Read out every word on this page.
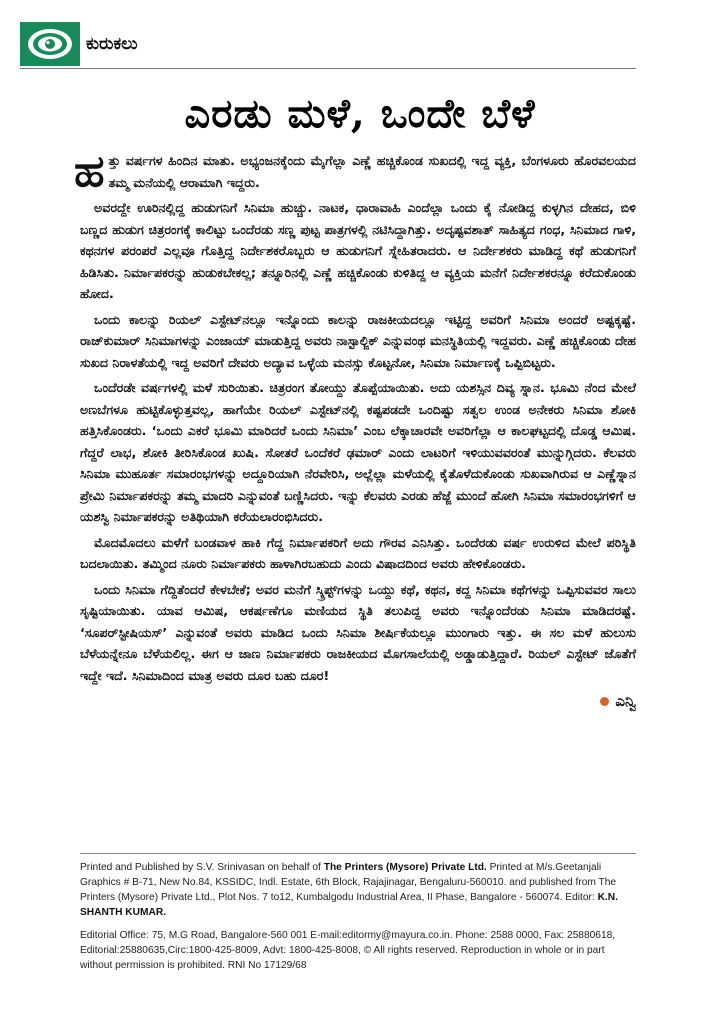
ಕುರುಕಲು
ಎರಡು ಮಳೆ, ಒಂದೇ ಬೆಳೆ

ಹತ್ತು ವರ್ಷಗಳ ಹಿಂದಿನ ಮಾತು. ಅಭ್ಯಂಜನಕ್ಕೆಂದು ಮೈಗೆಲ್ಲಾ ಎಣ್ಣೆ ಹಚ್ಚಿಕೊಂಡ ಸುಖದಲ್ಲಿ ಇದ್ದ ವ್ಯಕ್ತಿ, ಬೆಂಗಳೂರು ಹೊರವಲಯದ ತಮ್ಮ ಮನೆಯಲ್ಲಿ ಆರಾಮಾಗಿ ಇದ್ದರು.

ಅವರದ್ದೇ ಊರಿನಲ್ಲಿದ್ದ ಹುಡುಗನಿಗೆ ಸಿನಿಮಾ ಹುಚ್ಚು. ನಾಟಕ, ಧಾರಾವಾಹಿ ಎಂದೆಲ್ಲಾ ಒಂದು ಕೈ ನೋಡಿದ್ದ ಕುಳ್ಳಗಿನ ದೇಹದ, ಬಿಳಿ ಬಣ್ಣದ ಹುಡುಗ ಚಿತ್ರರಂಗಕ್ಕೆ ಕಾಲಿಟ್ಟು ಒಂದೆರಡು ಸಣ್ಣ ಪುಟ್ಟ ಪಾತ್ರಗಳಲ್ಲಿ ನಟಿಸಿದ್ದಾಗಿತ್ತು. ಅದೃಷ್ಟವಶಾತ್ ಸಾಹಿತ್ಯದ ಗಂಧ, ಸಿನಿಮಾದ ಗಾಳಿ, ಕಥನಗಳ ಪರಂಪರೆ ಎಲ್ಲವೂ ಗೊತ್ತಿದ್ದ ನಿರ್ದೇಶಕರೊಬ್ಬರು ಆ ಹುಡುಗನಿಗೆ ಸ್ನೇಹಿತರಾದರು. ಆ ನಿರ್ದೇಶಕರು ಮಾಡಿದ್ದ ಕಥೆ ಹುಡುಗನಿಗೆ ಹಿಡಿಸಿತು. ನಿರ್ಮಾಪಕರನ್ನು ಹುಡುಕಬೇಕಲ್ಲ; ತನ್ನೂರಿನಲ್ಲಿ ಎಣ್ಣೆ ಹಚ್ಚಿಕೊಂಡು ಕುಳಿತಿದ್ದ ಆ ವ್ಯಕ್ತಿಯ ಮನೆಗೆ ನಿರ್ದೇಶಕರನ್ನೂ ಕರೆದುಕೊಂಡು ಹೋದ.

ಒಂದು ಕಾಲನ್ನು ರಿಯಲ್ ಎಸ್ಟೇಟ್‌ನಲ್ಲೂ ಇನ್ನೊಂದು ಕಾಲನ್ನು ರಾಜಕೀಯದಲ್ಲೂ ಇಟ್ಟಿದ್ದ ಅವರಿಗೆ ಸಿನಿಮಾ ಅಂದರೆ ಅಷ್ಟಕ್ಕಷ್ಟೆ. ರಾಜ್‌ಕುಮಾರ್ ಸಿನಿಮಾಗಳನ್ನು ಎಂಜಾಯ್ ಮಾಡುತ್ತಿದ್ದ ಅವರು ನಾಸ್ಟಾಲ್ಜಿಕ್ ಎನ್ನುವಂಥ ಮನಸ್ಥಿತಿಯಲ್ಲಿ ಇದ್ದವರು. ಎಣ್ಣೆ ಹಚ್ಚಿಕೊಂಡು ದೇಹ ಸುಖದ ನಿರಾಳತೆಯಲ್ಲಿ ಇದ್ದ ಅವರಿಗೆ ದೇವರು ಅದ್ಯಾವ ಒಳ್ಳೆಯ ಮನಸ್ಸು ಕೊಟ್ಟನೋ, ಸಿನಿಮಾ ನಿರ್ಮಾಣಕ್ಕೆ ಒಪ್ಪಿಬಿಟ್ಟರು.

ಒಂದೆರಡೇ ವರ್ಷಗಳಲ್ಲಿ ಮಳೆ ಸುರಿಯಿತು. ಚಿತ್ರರಂಗ ತೋಯ್ದು ತೊಪ್ಪೆಯಾಯಿತು. ಅದು ಯಶಸ್ಸಿನ ದಿವ್ಯ ಸ್ನಾನ. ಭೂಮಿ ನೆಂದ ಮೇಲೆ ಅಣಬೆಗಳೂ ಹುಟ್ಟಿಕೊಳ್ಳುತ್ತವಲ್ಲ, ಹಾಗೆಯೇ ರಿಯಲ್ ಎಸ್ಟೇಟ್‌ನಲ್ಲಿ ಕಷ್ಟಪಡದೇ ಒಂದಿಷ್ಟು ಸತ್ವಲ ಉಂಡ ಅನೇಕರು ಸಿನಿಮಾ ಶೋಕಿ ಹತ್ತಿಸಿಕೊಂಡರು. ‘ಒಂದು ಎಕರೆ ಭೂಮಿ ಮಾರಿದರೆ ಒಂದು ಸಿನಿಮಾ’ ಎಂಬ ಲೆಕ್ಕಾಚಾರವೇ ಅವರಿಗೆಲ್ಲಾ ಆ ಕಾಲಘಟ್ಟದಲ್ಲಿ ದೊಡ್ಡ ಆಮಿಷ. ಗೆದ್ದರೆ ಲಾಭ, ಶೋಕಿ ತೀರಿಸಿಕೊಂಡ ಖುಷಿ. ಸೋತರೆ ಒಂದೆಕರೆ ಢಮಾರ್ ಎಂದು ಲಾಟರಿಗೆ ಇಳಿಯುವವರಂತೆ ಮುನ್ನುಗ್ಗಿದರು. ಕೆಲವರು ಸಿನಿಮಾ ಮುಹೂರ್ತ ಸಮಾರಂಭಗಳನ್ನು ಅದ್ದೂರಿಯಾಗಿ ನೆರವೇರಿಸಿ, ಅಲ್ಲೆಲ್ಲಾ ಮಳೆಯಲ್ಲಿ ಕೈತೊಳೆದುಕೊಂಡು ಸುಖವಾಗಿರುವ ಆ ಎಣ್ಣೆಸ್ನಾನ ಪ್ರೇಮಿ ನಿರ್ಮಾಪಕರನ್ನು ತಮ್ಮ ಮಾದರಿ ಎನ್ನುವಂತೆ ಬಣ್ಣಿಸಿದರು. ಇನ್ನು ಕೆಲವರು ಎರಡು ಹೆಜ್ಜೆ ಮುಂದೆ ಹೋಗಿ ಸಿನಿಮಾ ಸಮಾರಂಭಗಳಿಗೆ ಆ ಯಶಸ್ವಿ ನಿರ್ಮಾಪಕರನ್ನು ಅತಿಥಿಯಾಗಿ ಕರೆಯಲಾರಂಭಿಸಿದರು.

ಮೊದಮೊದಲು ಮಳೆಗೆ ಬಂಡವಾಳ ಹಾಕಿ ಗೆದ್ದ ನಿರ್ಮಾಪಕರಿಗೆ ಅದು ಗೌರವ ಎನಿಸಿತ್ತು. ಒಂದೆರಡು ವರ್ಷ ಉರುಳಿದ ಮೇಲೆ ಪರಿಸ್ಥಿತಿ ಬದಲಾಯಿತು. ತಮ್ಮಿಂದ ನೂರು ನಿರ್ಮಾಪಕರು ಹಾಳಾಗಿರಬಹುದು ಎಂದು ವಿಷಾದದಿಂದ ಅವರು ಹೇಳಿಕೊಂಡರು.

ಒಂದು ಸಿನಿಮಾ ಗೆದ್ದಿತೆಂದರೆ ಕೇಳಬೇಕೆ; ಅವರ ಮನೆಗೆ ಸ್ಕ್ರಿಪ್ಟ್‌ಗಳನ್ನು ಒಯ್ದು ಕಥೆ, ಕಥನ, ಕದ್ದ ಸಿನಿಮಾ ಕಥೆಗಳನ್ನು ಒಪ್ಪಿಸುವವರ ಸಾಲು ಸೃಷ್ಟಿಯಾಯಿತು. ಯಾವ ಆಮಿಷ, ಆಕರ್ಷಣೆಗೂ ಮಣಿಯದ ಸ್ಥಿತಿ ತಲುಪಿದ್ದ ಅವರು ಇನ್ನೊಂದೆರಡು ಸಿನಿಮಾ ಮಾಡಿದರಷ್ಟೆ. ‘ಸೂಪರ್‌ಸ್ಟೀಷಿಯಸ್’ ಎನ್ನುವಂತೆ ಅವರು ಮಾಡಿದ ಒಂದು ಸಿನಿಮಾ ಶೀರ್ಷಿಕೆಯಲ್ಲೂ ಮುಂಗಾರು ಇತ್ತು. ಈ ಸಲ ಮಳೆ ಹುಲುಸು ಬೆಳೆಯನ್ನೇನೂ ಬೆಳೆಯಲಿಲ್ಲ. ಈಗ ಆ ಜಾಣ ನಿರ್ಮಾಪಕರು ರಾಜಕೀಯದ ಮೊಗಸಾಲೆಯಲ್ಲಿ ಅಡ್ಡಾಡುತ್ತಿದ್ದಾರೆ. ರಿಯಲ್ ಎಸ್ಟೇಟ್ ಜೊತೆಗೆ ಇದ್ದೇ ಇದೆ. ಸಿನಿಮಾದಿಂದ ಮಾತ್ರ ಅವರು ದೂರ ಬಹು ದೂರ!

ಎನ್ವಿ

Printed and Published by S.V. Srinivasan on behalf of The Printers (Mysore) Private Ltd. Printed at M/s.Geetanjali Graphics # B-71, New No.84, KSSIDC, Indl. Estate, 6th Block, Rajajinagar, Bengaluru-560010. and published from The Printers (Mysore) Private Ltd., Plot Nos. 7 to12, Kumbalgodu Industrial Area, II Phase, Bangalore - 560074. Editor: K.N. SHANTH KUMAR.

Editorial Office: 75, M.G Road, Bangalore-560 001 E-mail:editormy@mayura.co.in. Phone: 2588 0000, Fax: 25880618, Editorial:25880635,Circ:1800-425-8009, Advt: 1800-425-8008, © All rights reserved. Reproduction in whole or in part without permission is prohibited. RNI No 17129/68
